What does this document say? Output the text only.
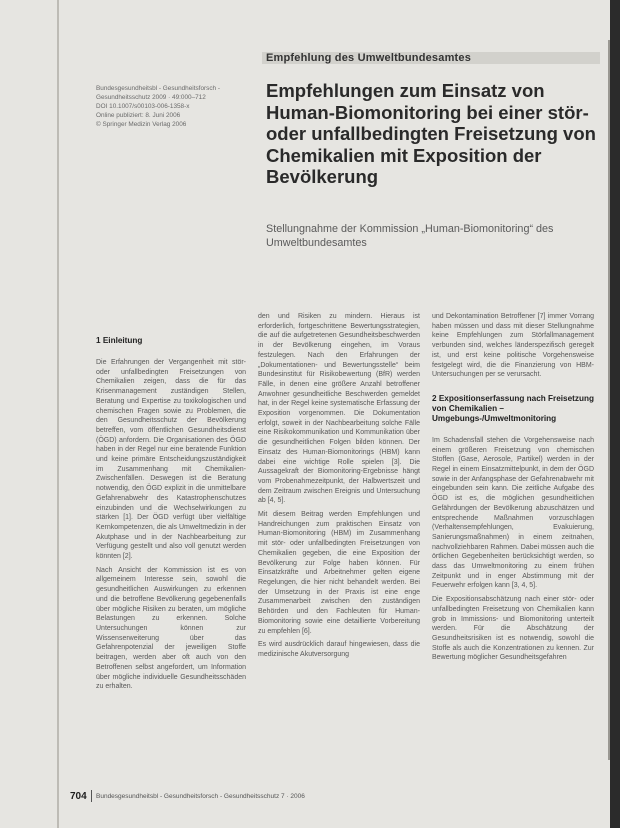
Empfehlung des Umweltbundesamtes
Bundesgesundheitsbl - Gesundheitsforsch -
Gesundheitsschutz 2009 · 49:000–712
DOI 10.1007/s00103-006-1358-x
Online publiziert: 8. Juni 2006
© Springer Medizin Verlag 2006
Empfehlungen zum Einsatz von Human-Biomonitoring bei einer stör- oder unfallbedingten Freisetzung von Chemikalien mit Exposition der Bevölkerung
Stellungnahme der Kommission „Human-Biomonitoring“ des Umweltbundesamtes
1 Einleitung

Die Erfahrungen der Vergangenheit mit stör- oder unfallbedingten Freisetzungen von Chemikalien zeigen, dass die für das Krisenmanagement zuständigen Stellen, Beratung und Expertise zu toxikologischen und chemischen Fragen sowie zu Problemen, die den Gesundheitsschutz der Bevölkerung betreffen, vom öffentlichen Gesundheitsdienst (ÖGD) anfordern. Die Organisationen des ÖGD haben in der Regel nur eine beratende Funktion und keine primäre Entscheidungszuständigkeit im Zusammenhang mit Chemikalien-Zwischenfällen. Deswegen ist die Beratung notwendig, den ÖGD explizit in die unmittelbare Gefahrenabwehr des Katastrophenschutzes einzubinden und die Wechselwirkungen zu stärken [1]. Der ÖGD verfügt über vielfältige Kernkompetenzen, die als Umweltmedizin in der Akutphase und in der Nachbearbeitung zur Verfügung gestellt und also voll genutzt werden könnten [2].

Nach Ansicht der Kommission ist es von allgemeinem Interesse sein, sowohl die gesundheitlichen Auswirkungen zu erkennen und die betroffene Bevölkerung gegebenenfalls über mögliche Risiken zu beraten, um mögliche Belastungen zu erkennen. Solche Untersuchungen können zur Wissenserweiterung über das Gefahrenpotenzial der jeweiligen Stoffe beitragen, werden aber oft auch von den Betroffenen selbst angefordert, um Information über mögliche individuelle Gesundheitsschäden zu erhalten.

den und Risiken zu mindern. Hieraus ist erforderlich, fortgeschrittene Bewertungsstrategien, die auf die aufgetretenen Gesundheitsbeschwerden in der Bevölkerung eingehen, im Voraus festzulegen. Nach den Erfahrungen der „Dokumentationen- und Bewertungsstelle“ beim Bundesinstitut für Risikobewertung (BfR) werden Fälle, in denen eine größere Anzahl betroffener Anwohner gesundheitliche Beschwerden gemeldet hat, in der Regel keine systematische Erfassung der Exposition vorgenommen. Die Dokumentation erfolgt, soweit in der Nachbearbeitung solche Fälle eine Risikokommunikation und Kommunikation über die gesundheitlichen Folgen bilden können. Der Einsatz des Human-Biomonitorings (HBM) kann dabei eine wichtige Rolle spielen [3]. Die Aussagekraft der Biomonitoring-Ergebnisse hängt vom Probenahmezeitpunkt, der Halbwertszeit und dem Zeitraum zwischen Ereignis und Untersuchung ab [4, 5].

Mit diesem Beitrag werden Empfehlungen und Handreichungen zum praktischen Einsatz von Human-Biomonitoring (HBM) im Zusammenhang mit stör- oder unfallbedingten Freisetzungen von Chemikalien gegeben, die eine Exposition der Bevölkerung zur Folge haben können. Für Einsatzkräfte und Arbeitnehmer gelten eigene Regelungen, die hier nicht behandelt werden. Bei der Umsetzung in der Praxis ist eine enge Zusammenarbeit zwischen den zuständigen Behörden und den Fachleuten für Human-Biomonitoring sowie eine detaillierte Vorbereitung zu empfehlen [6].

Es wird ausdrücklich darauf hingewiesen, dass die medizinische Akutversorgung

und Dekontamination Betroffener [7] immer Vorrang haben müssen und dass mit dieser Stellungnahme keine Empfehlungen zum Störfallmanagement verbunden sind, welches länderspezifisch geregelt ist, und erst keine politische Vorgehensweise festgelegt wird, die die Finanzierung von HBM-Untersuchungen per se verursacht.

2 Expositionserfassung nach Freisetzung von Chemikalien – Umgebungs-/Umweltmonitoring

Im Schadensfall stehen die Vorgehensweise nach einem größeren Freisetzung von chemischen Stoffen (Gase, Aerosole, Partikel) werden in der Regel in einem Einsatzmittelpunkt, in dem der ÖGD sowie in der Anfangsphase der Gefahrenabwehr mit eingebunden sein kann. Die zeitliche Aufgabe des ÖGD ist es, die möglichen gesundheitlichen Gefährdungen der Bevölkerung abzuschätzen und entsprechende Maßnahmen vorzuschlagen (Verhaltensempfehlungen, Evakuierung, Sanierungsmaßnahmen) in einem zeitnahen, nachvollziehbaren Rahmen. Dabei müssen auch die örtlichen Gegebenheiten berücksichtigt werden, so dass das Umweltmonitoring zu einem frühen Zeitpunkt und in enger Abstimmung mit der Feuerwehr erfolgen kann [3, 4, 5].

Die Expositionsabschätzung nach einer stör- oder unfallbedingten Freisetzung von Chemikalien kann grob in Immissions- und Biomonitoring unterteilt werden. Für die Abschätzung der Gesundheitsrisiken ist es notwendig, sowohl die Stoffe als auch die Konzentrationen zu kennen. Zur Bewertung möglicher Gesundheitsgefahren

704 Bundesgesundheitsbl - Gesundheitsforsch - Gesundheitsschutz 7 · 2006
